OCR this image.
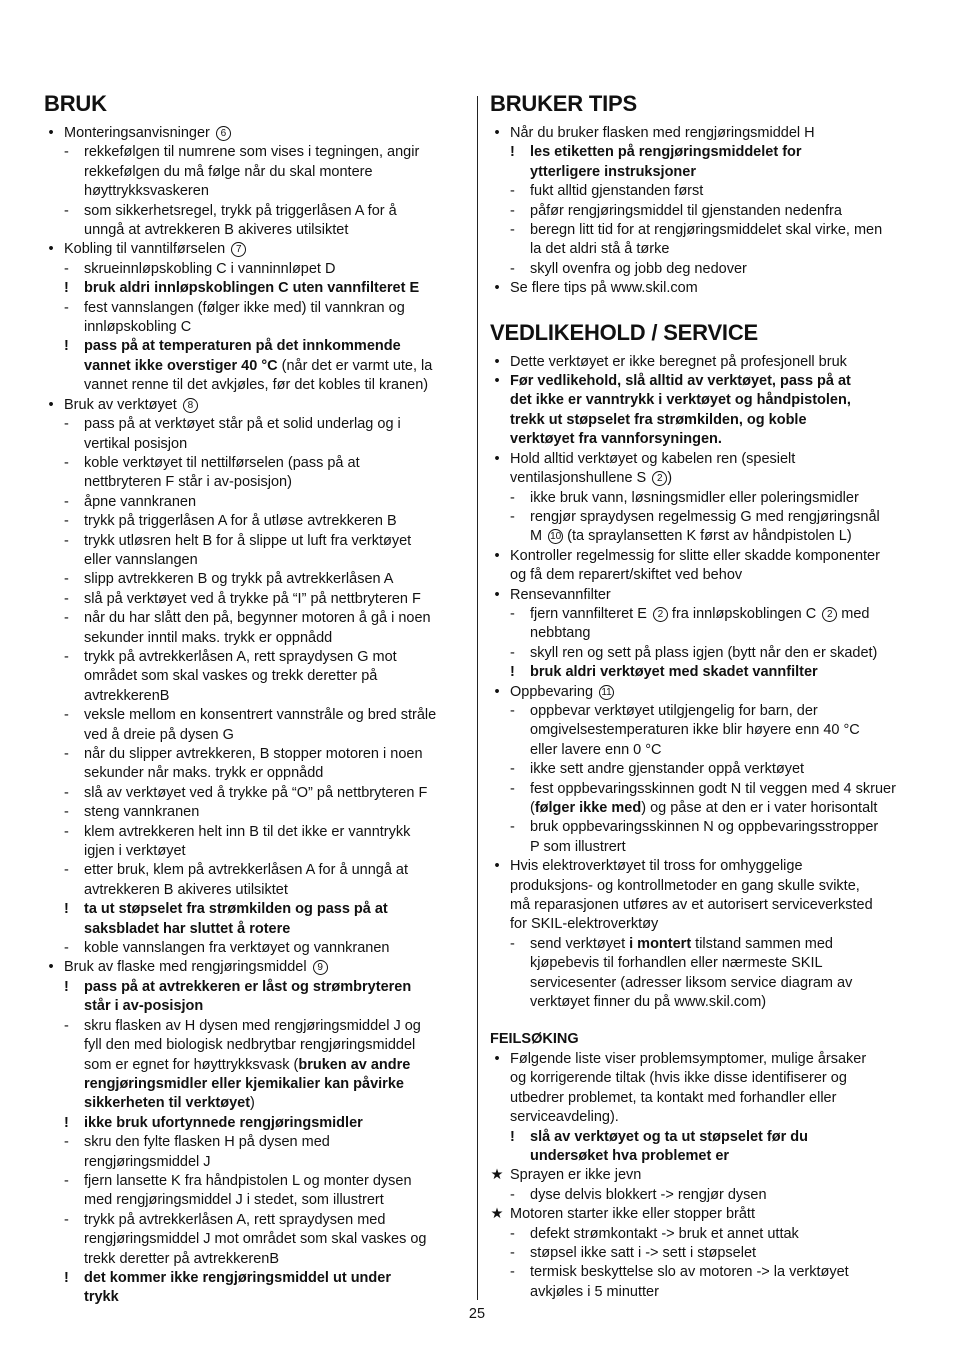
BRUK
• Monteringsanvisninger 6
-	rekkefølgen til numrene som vises i tegningen, angir
rekkefølgen du må følge når du skal montere
høyttrykksvaskeren
-	som sikkerhetsregel, trykk på triggerlåsen A for å
unngå at avtrekkeren B akiveres utilsiktet
• Kobling til vanntilførselen 7
-	skrueinnløpskobling C i vanninnløpet D
!	bruk aldri innløpskoblingen C uten vannfilteret E
-	fest vannslangen (følger ikke med) til vannkran og
innløpskobling C
!	pass på at temperaturen på det innkommende
vannet ikke overstiger 40 °C (når det er varmt ute, la
vannet renne til det avkjøles, før det kobles til kranen)
• Bruk av verktøyet 8
-	pass på at verktøyet står på et solid underlag og i
vertikal posisjon
-	koble verktøyet til nettilførselen (pass på at
nettbryteren F står i av-posisjon)
-	åpne vannkranen
-	trykk på triggerlåsen A for å utløse avtrekkeren B
-	trykk utløsren helt B for å slippe ut luft fra verktøyet
eller vannslangen
-	slipp avtrekkeren B og trykk på avtrekkerlåsen A
-	slå på verktøyet ved å trykke på “I” på nettbryteren F
-	når du har slått den på, begynner motoren å gå i noen
sekunder inntil maks. trykk er oppnådd
-	trykk på avtrekkerlåsen A, rett spraydysen G mot
området som skal vaskes og trekk deretter på
avtrekkerenB
-	veksle mellom en konsentrert vannstråle og bred stråle
ved å dreie på dysen G
-	når du slipper avtrekkeren, B stopper motoren i noen
sekunder når maks. trykk er oppnådd
-	slå av verktøyet ved å trykke på “O” på nettbryteren F
-	steng vannkranen
-	klem avtrekkeren helt inn B til det ikke er vanntrykk
igjen i verktøyet
-	etter bruk, klem på avtrekkerlåsen A for å unngå at
avtrekkeren B akiveres utilsiktet
!	ta ut støpselet fra strømkilden og pass på at
saksbladet har sluttet å rotere
-	koble vannslangen fra verktøyet og vannkranen
• Bruk av flaske med rengjøringsmiddel 9
!	pass på at avtrekkeren er låst og strømbryteren
står i av-posisjon
-	skru flasken av H dysen med rengjøringsmiddel J og
fyll den med biologisk nedbrytbar rengjøringsmiddel
som er egnet for høyttrykksvask (bruken av andre
rengjøringsmidler eller kjemikalier kan påvirke
sikkerheten til verktøyet)
!	ikke bruk ufortynnede rengjøringsmidler
-	skru den fylte flasken H på dysen med
rengjøringsmiddel J
-	fjern lansette K fra håndpistolen L og monter dysen
med rengjøringsmiddel J i stedet, som illustrert
-	trykk på avtrekkerlåsen A, rett spraydysen med
rengjøringsmiddel J mot området som skal vaskes og
trekk deretter på avtrekkerenB
!	det kommer ikke rengjøringsmiddel ut under
trykk
BRUKER TIPS
• Når du bruker flasken med rengjøringsmiddel H
!	les etiketten på rengjøringsmiddelet for
ytterligere instruksjoner
-	fukt alltid gjenstanden først
-	påfør rengjøringsmiddel til gjenstanden nedenfra
-	beregn litt tid for at rengjøringsmiddelet skal virke, men
la det aldri stå å tørke
-	skyll ovenfra og jobb deg nedover
• Se flere tips på www.skil.com
VEDLIKEHOLD / SERVICE
• Dette verktøyet er ikke beregnet på profesjonell bruk
• Før vedlikehold, slå alltid av verktøyet, pass på at
det ikke er vanntrykk i verktøyet og håndpistolen,
trekk ut støpselet fra strømkilden, og koble
verktøyet fra vannforsyningen.
• Hold alltid verktøyet og kabelen ren (spesielt
ventilasjonshullene S 2 )
-	ikke bruk vann, løsningsmidler eller poleringsmidler
-	rengjør spraydysen regelmessig G med rengjøringsnål
M 10 (ta spraylansetten K først av håndpistolen L)
• Kontroller regelmessig for slitte eller skadde komponenter
og få dem reparert/skiftet ved behov
• Rensevannfilter
-	fjern vannfilteret E 2 fra innløpskoblingen C 2 med
nebbtang
-	skyll ren og sett på plass igjen (bytt når den er skadet)
!	bruk aldri verktøyet med skadet vannfilter
• Oppbevaring 11
-	oppbevar verktøyet utilgjengelig for barn, der
omgivelsestemperaturen ikke blir høyere enn 40 °C
eller lavere enn 0 °C
-	ikke sett andre gjenstander oppå verktøyet
-	fest oppbevaringsskinnen godt N til veggen med 4 skruer
(følger ikke med) og påse at den er i vater horisontalt
-	bruk oppbevaringsskinnen N og oppbevaringsstropper
P som illustrert
• Hvis elektroverktøyet til tross for omhyggelige
produksjons- og kontrollmetoder en gang skulle svikte,
må reparasjonen utføres av et autorisert serviceverksted
for SKIL-elektroverktøy
-	send verktøyet i montert tilstand sammen med
kjøpebevis til forhandlen eller nærmeste SKIL
servicesenter (adresser liksom service diagram av
verktøyet finner du på www.skil.com)
FEILSØKING
• Følgende liste viser problemsymptomer, mulige årsaker
og korrigerende tiltak (hvis ikke disse identifiserer og
utbedrer problemet, ta kontakt med forhandler eller
serviceavdeling).
!	slå av verktøyet og ta ut støpselet før du
undersøket hva problemet er
★ Sprayen er ikke jevn
-	dyse delvis blokkert -> rengjør dysen
★ Motoren starter ikke eller stopper brått
-	defekt strømkontakt -> bruk et annet uttak
-	støpsel ikke satt i -> sett i støpselet
-	termisk beskyttelse slo av motoren -> la verktøyet
avkjøles i 5 minutter
25
